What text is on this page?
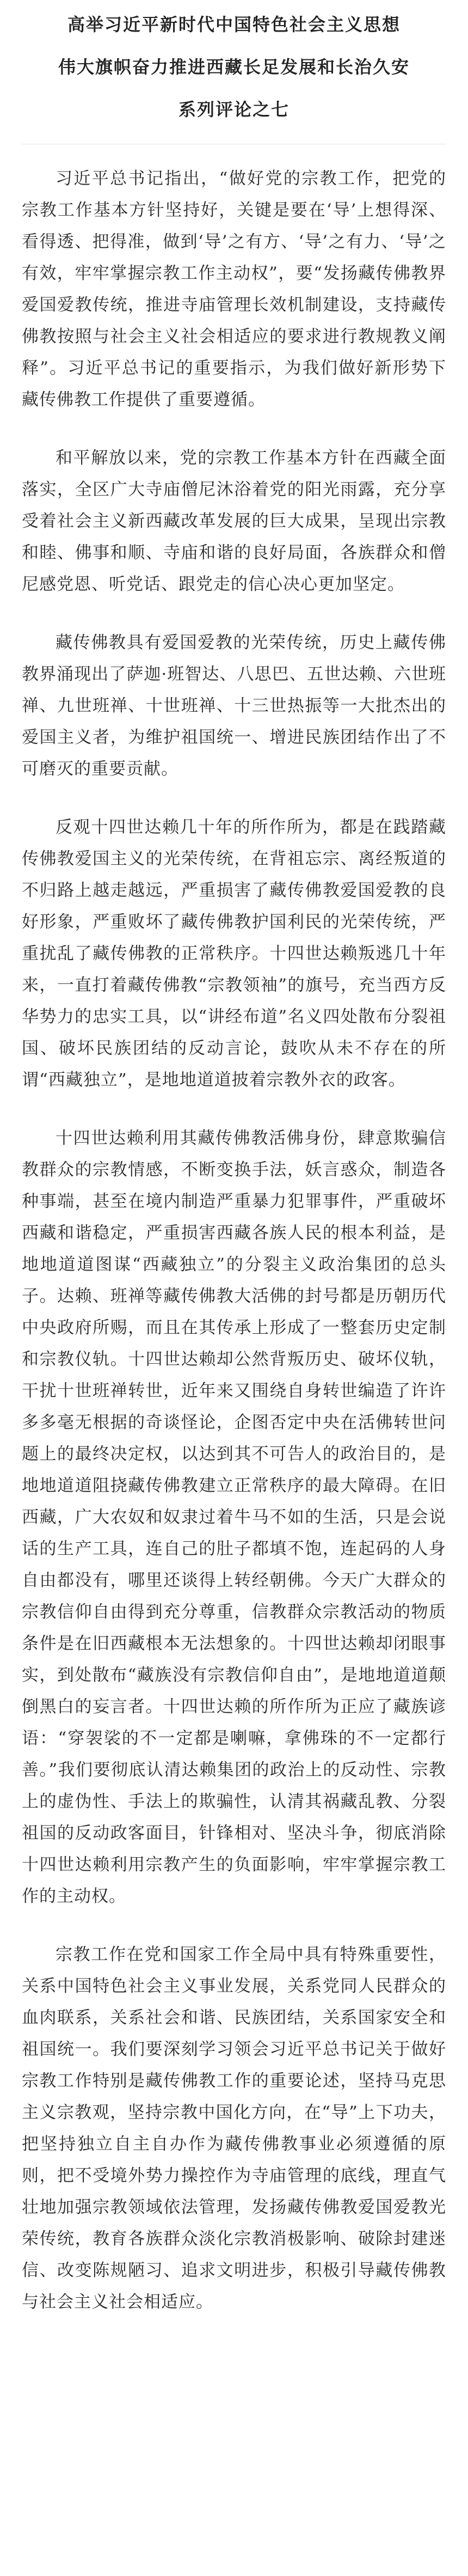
高举习近平新时代中国特色社会主义思想
伟大旗帜奋力推进西藏长足发展和长治久安
系列评论之七

习近平总书记指出，“做好党的宗教工作，把党的宗教工作基本方针坚持好，关键是要在‘导’上想得深、看得透、把得准，做到‘导’之有方、‘导’之有力、‘导’之有效，牢牢掌握宗教工作主动权”，要“发扬藏传佛教界爱国爱教传统，推进寺庙管理长效机制建设，支持藏传佛教按照与社会主义社会相适应的要求进行教规教义阐释”。习近平总书记的重要指示，为我们做好新形势下藏传佛教工作提供了重要遵循。

和平解放以来，党的宗教工作基本方针在西藏全面落实，全区广大寺庙僧尼沐浴着党的阳光雨露，充分享受着社会主义新西藏改革发展的巨大成果，呈现出宗教和睦、佛事和顺、寺庙和谐的良好局面，各族群众和僧尼感党恩、听党话、跟党走的信心决心更加坚定。

藏传佛教具有爱国爱教的光荣传统，历史上藏传佛教界涌现出了萨迦·班智达、八思巴、五世达赖、六世班禅、九世班禅、十世班禅、十三世热振等一大批杰出的爱国主义者，为维护祖国统一、增进民族团结作出了不可磨灭的重要贡献。

反观十四世达赖几十年的所作所为，都是在践踏藏传佛教爱国主义的光荣传统，在背祖忘宗、离经叛道的不归路上越走越远，严重损害了藏传佛教爱国爱教的良好形象，严重败坏了藏传佛教护国利民的光荣传统，严重扰乱了藏传佛教的正常秩序。十四世达赖叛逃几十年来，一直打着藏传佛教“宗教领袖”的旗号，充当西方反华势力的忠实工具，以“讲经布道”名义四处散布分裂祖国、破坏民族团结的反动言论，鼓吹从未不存在的所谓“西藏独立”，是地地道道披着宗教外衣的政客。

十四世达赖利用其藏传佛教活佛身份，肆意欺骗信教群众的宗教情感，不断变换手法，妖言惑众，制造各种事端，甚至在境内制造严重暴力犯罪事件，严重破坏西藏和谐稳定，严重损害西藏各族人民的根本利益，是地地道道图谋“西藏独立”的分裂主义政治集团的总头子。达赖、班禅等藏传佛教大活佛的封号都是历朝历代中央政府所赐，而且在其传承上形成了一整套历史定制和宗教仪轨。十四世达赖却公然背叛历史、破坏仪轨，干扰十世班禅转世，近年来又围绕自身转世编造了许许多多毫无根据的奇谈怪论，企图否定中央在活佛转世问题上的最终决定权，以达到其不可告人的政治目的，是地地道道阻挠藏传佛教建立正常秩序的最大障碍。在旧西藏，广大农奴和奴隶过着牛马不如的生活，只是会说话的生产工具，连自己的肚子都填不饱，连起码的人身自由都没有，哪里还谈得上转经朝佛。今天广大群众的宗教信仰自由得到充分尊重，信教群众宗教活动的物质条件是在旧西藏根本无法想象的。十四世达赖却闭眼事实，到处散布“藏族没有宗教信仰自由”，是地地道道颠倒黑白的妄言者。十四世达赖的所作所为正应了藏族谚语：“穿袈裟的不一定都是喇嘛，拿佛珠的不一定都行善。”我们要彻底认清达赖集团的政治上的反动性、宗教上的虚伪性、手法上的欺骗性，认清其祸藏乱教、分裂祖国的反动政客面目，针锋相对、坚决斗争，彻底消除十四世达赖利用宗教产生的负面影响，牢牢掌握宗教工作的主动权。

宗教工作在党和国家工作全局中具有特殊重要性，关系中国特色社会主义事业发展，关系党同人民群众的血肉联系，关系社会和谐、民族团结，关系国家安全和祖国统一。我们要深刻学习领会习近平总书记关于做好宗教工作特别是藏传佛教工作的重要论述，坚持马克思主义宗教观，坚持宗教中国化方向，在“导”上下功夫，把坚持独立自主自办作为藏传佛教事业必须遵循的原则，把不受境外势力操控作为寺庙管理的底线，理直气壮地加强宗教领域依法管理，发扬藏传佛教爱国爱教光荣传统，教育各族群众淡化宗教消极影响、破除封建迷信、改变陈规陋习、追求文明进步，积极引导藏传佛教与社会主义社会相适应。
